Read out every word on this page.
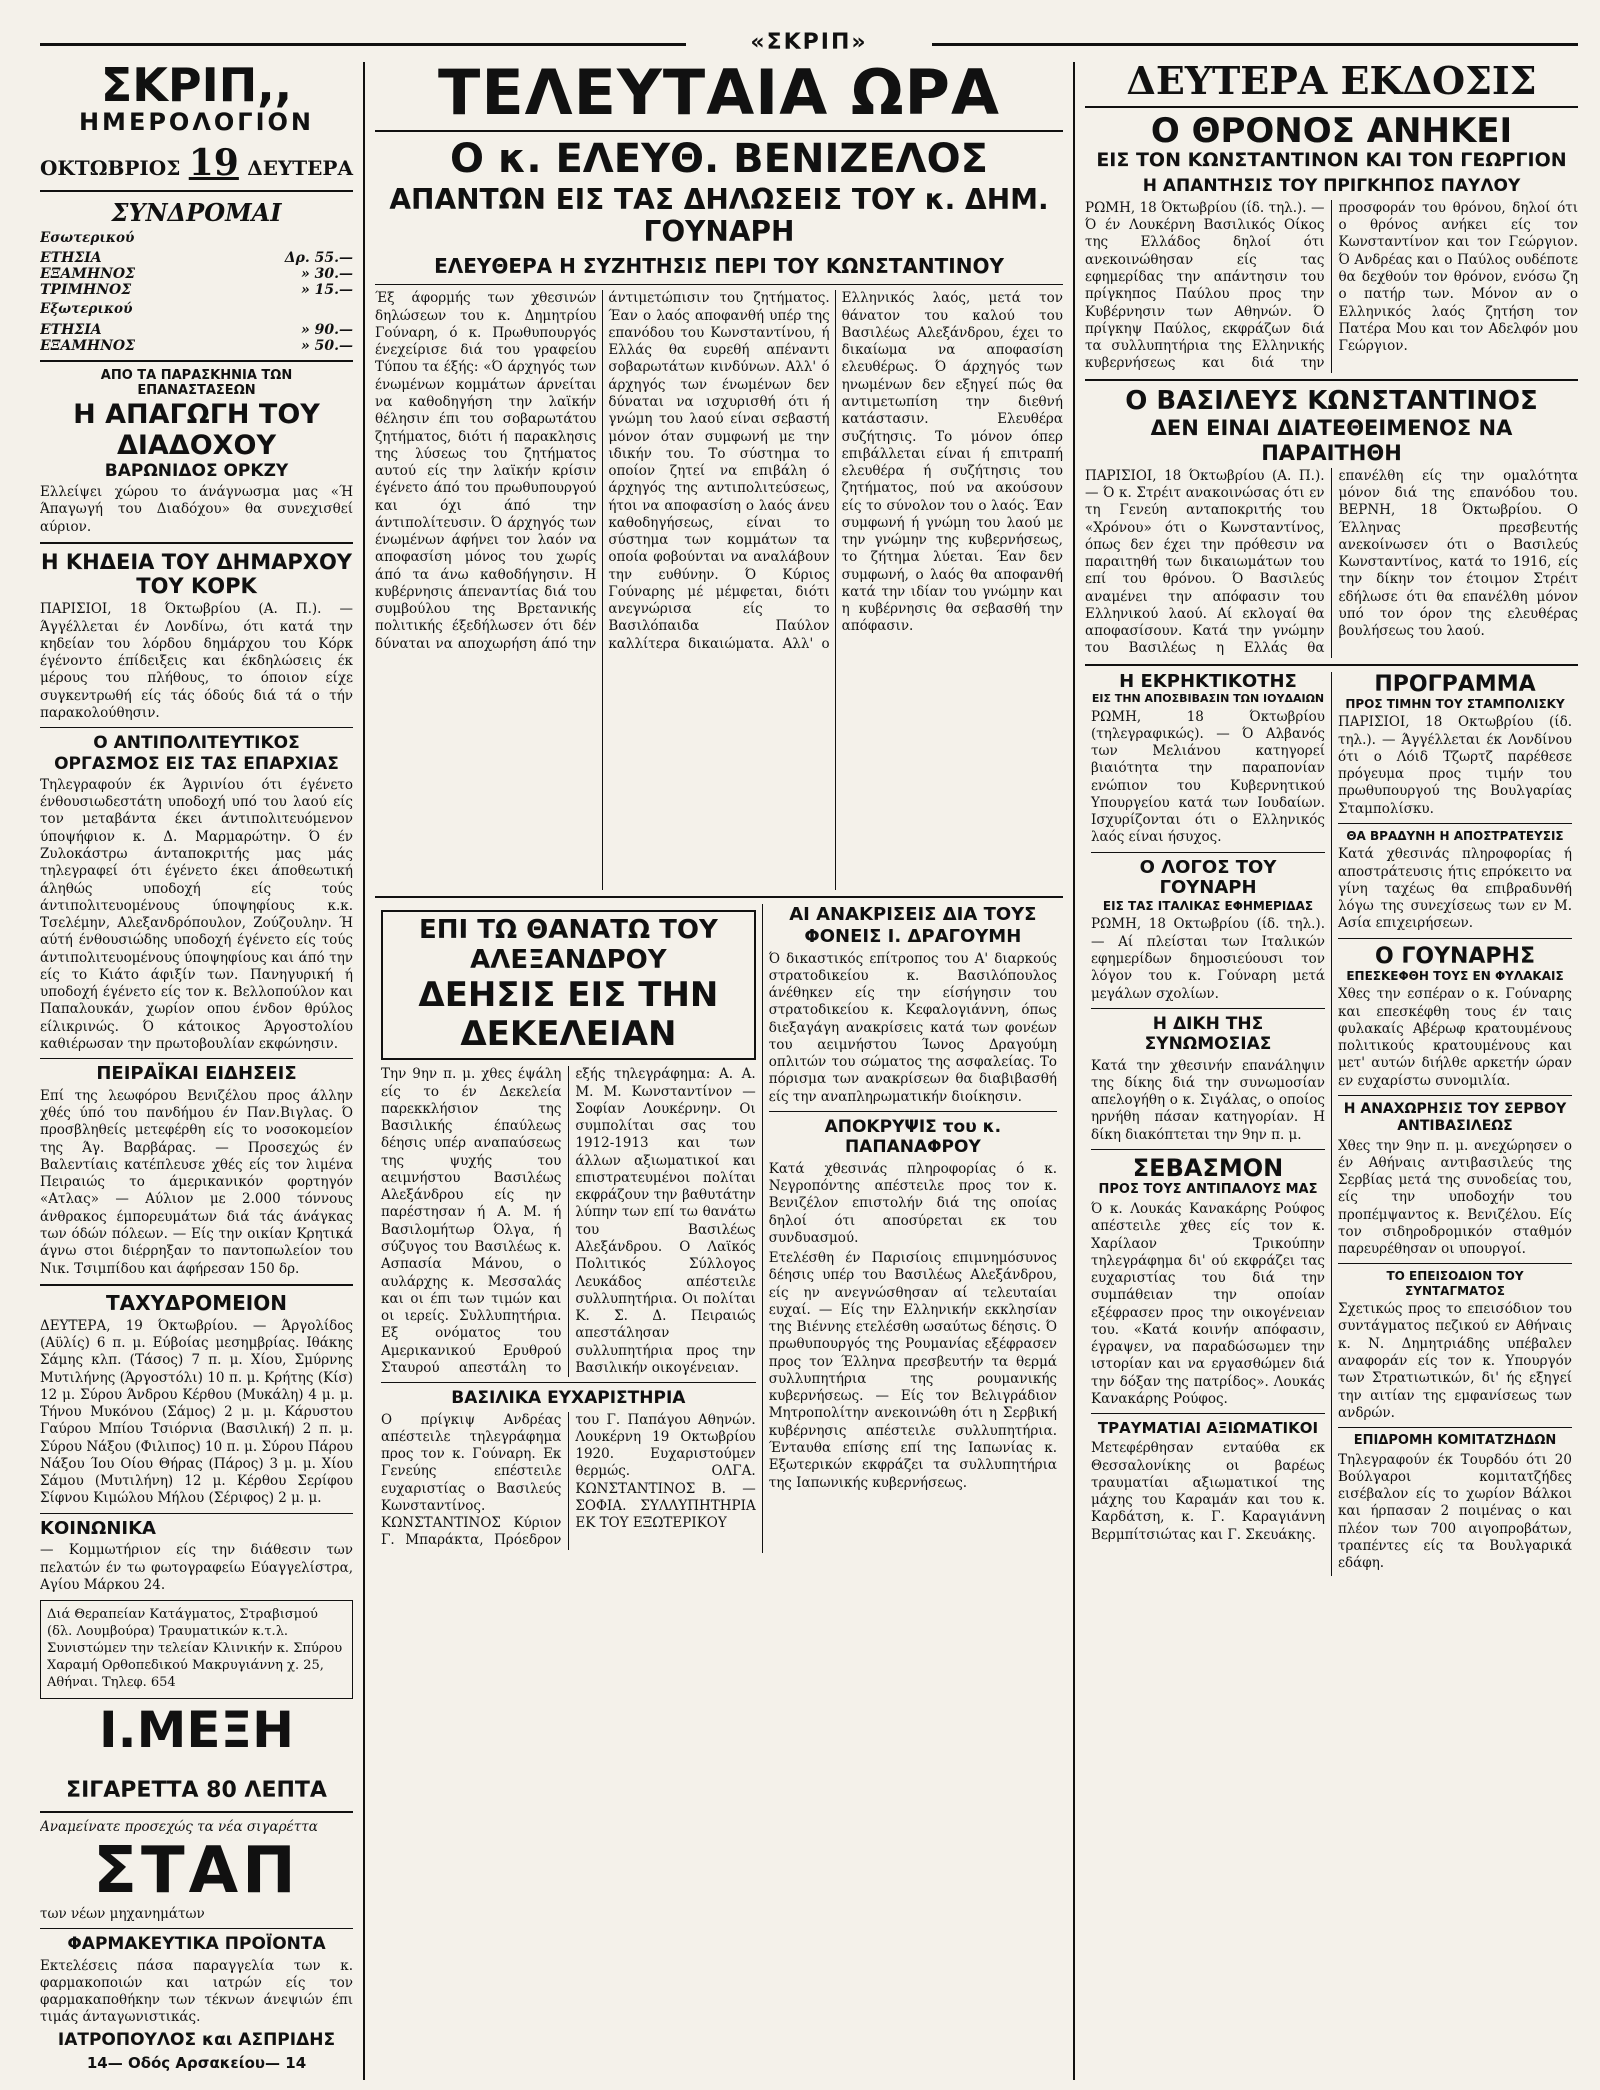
«ΣΚΡΙΠ»
ΣΚΡΙΠ,,
ΗΜΕΡΟΛΟΓΙΟΝ
ΟΚΤΩΒΡΙΟΣ 19 ΔΕΥΤΕΡΑ
ΣΥΝΔΡΟΜΑΙ
Εσωτερικού
ΕΤΗΣΙΑ	Δρ. 55.—
ΕΞΑΜΗΝΟΣ	» 30.—
ΤΡΙΜΗΝΟΣ	» 15.—
Εξωτερικού
ΕΤΗΣΙΑ	» 90.—
ΕΞΑΜΗΝΟΣ	» 50.—
ΑΠΟ ΤΑ ΠΑΡΑΣΚΗΝΙΑ ΤΩΝ ΕΠΑΝΑΣΤΑΣΕΩΝ
Η ΑΠΑΓΩΓΗ ΤΟΥ ΔΙΑΔΟΧΟΥ
ΒΑΡΩΝΙΔΟΣ ΟΡΚΖΥ
Ελλείψει χώρου το άνάγνωσμα μας «Ή Άπαγωγή του Διαδόχου» θα συνεχισθεί αύριον.
Η ΚΗΔΕΙΑ ΤΟΥ ΔΗΜΑΡΧΟΥ ΤΟΥ ΚΟΡΚ
ΠΑΡΙΣΙΟΙ, 18 Όκτωβρίου (Α. Π.). — Άγγέλλεται έν Λονδίνω, ότι κατά την κηδείαν του λόρδου δημάρχου του Κόρκ έγένοντο έπίδειξεις και έκδηλώσεις έκ μέρους του πλήθους, το όποιον είχε συγκεντρωθή είς τάς όδούς διά τά ο τήν παρακολούθησιν.
Ο ΑΝΤΙΠΟΛΙΤΕΥΤΙΚΟΣ ΟΡΓΑΣΜΟΣ ΕΙΣ ΤΑΣ ΕΠΑΡΧΙΑΣ
Τηλεγραφούν έκ Άγρινίου ότι έγένετο ένθουσιωδεστάτη υποδοχή υπό του λαού είς τον μεταβάντα έκει άντιπολιτευόμενον ύποψήφιον κ. Δ. Μαρμαρώτην. Ό έν Ζυλοκάστρω άνταποκριτής μας μάς τηλεγραφεί ότι έγένετο έκει άποθεωτική άληθώς υποδοχή είς τούς άντιπολιτευομένους ύποψηφίους κ.κ. Τσελέμην, Αλεξανδρόπουλον, Ζούζουλην. Ή αύτή ένθουσιώδης υποδοχή έγένετο είς τούς άντιπολιτευομένους ύποψηφίους και άπό την είς το Κιάτο άφιξίν των. Πανηγυρική ή υποδοχή έγένετο είς τον κ. Βελλοπούλον και Παπαλουκάν, χωρίον οπου ένδον θρύλος είλικρινώς. Ό κάτοικος Άργοστολίου καθιέρωσαν την πρωτοβουλίαν εκφώνησιν.
ΠΕΙΡΑΪΚΑΙ ΕΙΔΗΣΕΙΣ
Επί της λεωφόρου Βενιζέλου προς άλλην χθές ύπό του πανδήμου έν Παν.Βιγλας. Ό προσβληθείς μετεφέρθη είς το νοσοκομείον της Άγ. Βαρβάρας. — Προσεχώς έν Βαλεντίαις κατέπλευσε χθές είς τον λιμένα Πειραιώς το άμερικανικόν φορτηγόν «Ατλας» — Αύλιον με 2.000 τόννους άνθρακος έμπορευμάτων διά τάς άνάγκας των όδών πόλεων. — Είς την οικίαν Κρητικά άγνω στοι διέρρηξαν το παντοπωλείον του Νικ. Τσιμπίδου και άφήρεσαν 150 δρ.
ΤΑΧΥΔΡΟΜΕΙΟΝ
ΔΕΥΤΕΡΑ, 19 Όκτωβρίου. — Άργολίδος (Αϋλίς) 6 π. μ. Εύβοίας μεσημβρίας. Ιθάκης Σάμης κλπ. (Τάσος) 7 π. μ. Χίου, Σμύρνης Μυτιλήνης (Άργοστόλι) 10 π. μ. Κρήτης (Κίσ) 12 μ. Σύρου Άνδρου Κέρθου (Μυκάλη) 4 μ. μ. Τήνου Μυκόνου (Σάμος) 2 μ. μ. Κάρυστου Γαύρου Μπίου Τσιόρνια (Βασιλική) 2 π. μ. Σύρου Νάξου (Φιλιπος) 10 π. μ. Σύρου Πάρου Νάξου Ίου Οίου Θήρας (Πάρος) 3 μ. μ. Χίου Σάμου (Μυτιλήνη) 12 μ. Κέρθου Σερίφου Σίφνου Κιμώλου Μήλου (Σέριφος) 2 μ. μ.
ΚΟΙΝΩΝΙΚΑ
— Κομμωτήριον είς την διάθεσιν των πελατών έν τω φωτογραφείω Εύαγγελίστρα, Αγίου Μάρκου 24.
Διά Θεραπείαν Κατάγματος, Στραβισμού (δλ. Λουμβούρα) Τραυματικών κ.τ.λ. Συνιστώμεν την τελείαν Κλινικήν κ. Σπύρου Χαραμή Ορθοπεδικού Μακρυγιάννη χ. 25, Αθήναι. Τηλεφ. 654
Ι.ΜΕΞΗ ΣΙΓΑΡΕΤΤΑ 80 ΛΕΠΤΑ
Αναμείνατε προσεχώς τα νέα σιγαρέττα
ΣΤΑΠ
των νέων μηχανημάτων
ΦΑΡΜΑΚΕΥΤΙΚΑ ΠΡΟΪΟΝΤΑ
Εκτελέσεις πάσα παραγγελία των κ. φαρμακοποιών και ιατρών είς τον φαρμακαποθήκην των τέκνων άνεψιών έπι τιμάς άνταγωνιστικάς.
ΙΑΤΡΟΠΟΥΛΟΣ και ΑΣΠΡΙΔΗΣ
14— Οδός Αρσακείου— 14
ΤΕΛΕΥΤΑΙΑ ΩΡΑ
Ο κ. ΕΛΕΥΘ. ΒΕΝΙΖΕΛΟΣ
ΑΠΑΝΤΩΝ ΕΙΣ ΤΑΣ ΔΗΛΩΣΕΙΣ ΤΟΥ κ. ΔΗΜ. ΓΟΥΝΑΡΗ
ΕΛΕΥΘΕΡΑ Η ΣΥΖΗΤΗΣΙΣ ΠΕΡΙ ΤΟΥ ΚΩΝΣΤΑΝΤΙΝΟΥ
Έξ άφορμής των χθεσινών δηλώσεων του κ. Δημητρίου Γούναρη, ό κ. Πρωθυπουργός ένεχείρισε διά του γραφείου Τύπου τα έξής: «Ό άρχηγός των ένωμένων κομμάτων άρνείται να καθοδηγήση την λαϊκήν θέλησιν έπι του σοβαρωτάτου ζητήματος, διότι ή παρακλησις της λύσεως του ζητήματος αυτού είς την λαϊκήν κρίσιν έγένετο άπό του πρωθυπουργού και όχι άπό την άντιπολίτευσιν. Ό άρχηγός των ένωμένων άφήνει τον λαόν να αποφασίση μόνος του χωρίς άπό τα άνω καθοδήγησιν. Η κυβέρνησις άπεναντίας διά του συμβούλου της Βρετανικής πολιτικής έξεδήλωσεν ότι δέν δύναται να αποχωρήση άπό την άντιμετώπισιν του ζητήματος. Έαν ο λαός αποφανθή υπέρ της επανόδου του Κωνσταντίνου, ή Ελλάς θα ευρεθή απέναντι σοβαρωτάτων κινδύνων. Αλλ' ό άρχηγός των ένωμένων δεν δύναται να ισχυρισθή ότι ή γνώμη του λαού είναι σεβαστή μόνον όταν συμφωνή με την ιδικήν του. Το σύστημα το οποίον ζητεί να επιβάλη ό άρχηγός της αντιπολιτεύσεως, ήτοι να αποφασίση ο λαός άνευ καθοδηγήσεως, είναι το σύστημα των κομμάτων τα οποία φοβούνται να αναλάβουν την ευθύνην. Ό Κύριος Γούναρης μέ μέμφεται, διότι ανεγνώρισα είς το Βασιλόπαιδα Παύλον καλλίτερα δικαιώματα. Αλλ' ο Ελληνικός λαός, μετά τον θάνατον του καλού του Βασιλέως Αλεξάνδρου, έχει το δικαίωμα να αποφασίση ελευθέρως. Ό άρχηγός των ηνωμένων δεν εξηγεί πώς θα αντιμετωπίση την διεθνή κατάστασιν. Ελευθέρα συζήτησις. Το μόνον όπερ επιβάλλεται είναι ή επιτραπή ελευθέρα ή συζήτησις του ζητήματος, πού να ακούσουν είς το σύνολον του ο λαός. Έαν συμφωνή ή γνώμη του λαού με την γνώμην της κυβερνήσεως, το ζήτημα λύεται. Έαν δεν συμφωνή, ο λαός θα αποφανθή κατά την ιδίαν του γνώμην και η κυβέρνησις θα σεβασθή την απόφασιν.
ΕΠΙ ΤΩ ΘΑΝΑΤΩ ΤΟΥ ΑΛΕΞΑΝΔΡΟΥ
ΔΕΗΣΙΣ ΕΙΣ ΤΗΝ ΔΕΚΕΛΕΙΑΝ
Την 9ην π. μ. χθες έψάλη είς το έν Δεκελεία παρεκκλήσιον της Βασιλικής έπαύλεως δέησις υπέρ αναπαύσεως της ψυχής του αειμνήστου Βασιλέως Αλεξάνδρου είς ην παρέστησαν ή Α. Μ. ή Βασιλομήτωρ Όλγα, ή σύζυγος του Βασιλέως κ. Ασπασία Μάνου, ο αυλάρχης κ. Μεσσαλάς και οι έπι των τιμών και οι ιερείς. Συλλυπητήρια. Εξ ονόματος του Αμερικανικού Ερυθρού Σταυρού απεστάλη το εξής τηλεγράφημα: Α. Α. Μ. Μ. Κωνσταντίνον — Σοφίαν Λουκέρνην. Οι συμπολίται σας του 1912-1913 και των άλλων αξιωματικοί και επιστρατευμένοι πολίται εκφράζουν την βαθυτάτην λύπην των επί τω θανάτω του Βασιλέως Αλεξάνδρου. Ο Λαϊκός Πολιτικός Σύλλογος Λευκάδος απέστειλε συλλυπητήρια. Οι πολίται Κ. Σ. Δ. Πειραιώς απεστάλησαν συλλυπητήρια προς την Βασιλικήν οικογένειαν.
ΒΑΣΙΛΙΚΑ ΕΥΧΑΡΙΣΤΗΡΙΑ
Ο πρίγκιψ Ανδρέας απέστειλε τηλεγράφημα προς τον κ. Γούναρη. Εκ Γενεύης επέστειλε ευχαριστίας ο Βασιλεύς Κωνσταντίνος. ΚΩΝΣΤΑΝΤΙΝΟΣ Κύριον Γ. Μπαράκτα, Πρόεδρον του Γ. Παπάγου Αθηνών. Λουκέρνη 19 Οκτωβρίου 1920. Ευχαριστούμεν θερμώς. ΟΛΓΑ. ΚΩΝΣΤΑΝΤΙΝΟΣ Β. — ΣΟΦΙΑ. ΣΥΛΛΥΠΗΤΗΡΙΑ ΕΚ ΤΟΥ ΕΞΩΤΕΡΙΚΟΥ
ΑΙ ΑΝΑΚΡΙΣΕΙΣ ΔΙΑ ΤΟΥΣ ΦΟΝΕΙΣ Ι. ΔΡΑΓΟΥΜΗ
Ό δικαστικός επίτροπος του Α' διαρκούς στρατοδικείου κ. Βασιλόπουλος άνέθηκεν είς την είσήγησιν του στρατοδικείου κ. Κεφαλογιάννη, όπως διεξαγάγη ανακρίσεις κατά των φονέων του αειμνήστου Ίωνος Δραγούμη οπλιτών του σώματος της ασφαλείας. Το πόρισμα των ανακρίσεων θα διαβιβασθή είς την αναπληρωματικήν διοίκησιν.
ΑΠΟΚΡΥΨΙΣ του κ. ΠΑΠΑΝΑΦΡΟΥ
Κατά χθεσινάς πληροφορίας ό κ. Νεγροπόντης απέστειλε προς τον κ. Βενιζέλον επιστολήν διά της οποίας δηλοί ότι αποσύρεται εκ του συνδυασμού.
Ετελέσθη έν Παρισίοις επιμνημόσυνος δέησις υπέρ του Βασιλέως Αλεξάνδρου, είς ην ανεγνώσθησαν αί τελευταίαι ευχαί. — Είς την Ελληνικήν εκκλησίαν της Βιέννης ετελέσθη ωσαύτως δέησις. Ό πρωθυπουργός της Ρουμανίας εξέφρασεν προς τον Έλληνα πρεσβευτήν τα θερμά συλλυπητήρια της ρουμανικής κυβερνήσεως. — Είς τον Βελιγράδιον Μητροπολίτην ανεκοινώθη ότι η Σερβική κυβέρνησις απέστειλε συλλυπητήρια. Ένταυθα επίσης επί της Ιαπωνίας κ. Εξωτερικών εκφράζει τα συλλυπητήρια της Ιαπωνικής κυβερνήσεως.
ΔΕΥΤΕΡΑ ΕΚΔΟΣΙΣ
Ο ΘΡΟΝΟΣ ΑΝΗΚΕΙ
ΕΙΣ ΤΟΝ ΚΩΝΣΤΑΝΤΙΝΟΝ ΚΑΙ ΤΟΝ ΓΕΩΡΓΙΟΝ
Η ΑΠΑΝΤΗΣΙΣ ΤΟΥ ΠΡΙΓΚΗΠΟΣ ΠΑΥΛΟΥ
ΡΩΜΗ, 18 Όκτωβρίου (ίδ. τηλ.). — Ό έν Λουκέρνη Βασιλικός Οίκος της Ελλάδος δηλοί ότι ανεκοινώθησαν είς τας εφημερίδας την απάντησιν του πρίγκηπος Παύλου προς την Κυβέρνησιν των Αθηνών. Ό πρίγκηψ Παύλος, εκφράζων διά τα συλλυπητήρια της Ελληνικής κυβερνήσεως και διά την προσφοράν του θρόνου, δηλοί ότι ο θρόνος ανήκει είς τον Κωνσταντίνον και τον Γεώργιον. Ό Ανδρέας και ο Παύλος ουδέποτε θα δεχθούν τον θρόνον, ενόσω ζη ο πατήρ των. Μόνον αν ο Ελληνικός λαός ζητήση τον Πατέρα Μου και τον Αδελφόν μου Γεώργιον.
Ο ΒΑΣΙΛΕΥΣ ΚΩΝΣΤΑΝΤΙΝΟΣ
ΔΕΝ ΕΙΝΑΙ ΔΙΑΤΕΘΕΙΜΕΝΟΣ ΝΑ ΠΑΡΑΙΤΗΘΗ
ΠΑΡΙΣΙΟΙ, 18 Όκτωβρίου (Α. Π.). — Ό κ. Στρέιτ ανακοινώσας ότι εν τη Γενεύη ανταποκριτής του «Χρόνου» ότι ο Κωνσταντίνος, όπως δεν έχει την πρόθεσιν να παραιτηθή των δικαιωμάτων του επί του θρόνου. Ό Βασιλεύς αναμένει την απόφασιν του Ελληνικού λαού. Αί εκλογαί θα αποφασίσουν. Κατά την γνώμην του Βασιλέως η Ελλάς θα επανέλθη είς την ομαλότητα μόνον διά της επανόδου του. ΒΕΡΝΗ, 18 Όκτωβρίου. Ο Έλληνας πρεσβευτής ανεκοίνωσεν ότι ο Βασιλεύς Κωνσταντίνος, κατά το 1916, είς την δίκην τον έτοιμον Στρέιτ εδήλωσε ότι θα επανέλθη μόνον υπό τον όρον της ελευθέρας βουλήσεως του λαού.
Η ΕΚΡΗΚΤΙΚΟΤΗΣ
ΕΙΣ ΤΗΝ ΑΠΟΣΒΙΒΑΣΙΝ ΤΩΝ ΙΟΥΔΑΙΩΝ
ΡΩΜΗ, 18 Όκτωβρίου (τηλεγραφικώς). — Ό Αλβανός των Μελιάνου κατηγορεί βιαιότητα την παραπονίαν ενώπιον του Κυβερνητικού Υπουργείου κατά των Ιουδαίων. Ισχυρίζονται ότι ο Ελληνικός λαός είναι ήσυχος.
Ο ΛΟΓΟΣ ΤΟΥ ΓΟΥΝΑΡΗ
ΕΙΣ ΤΑΣ ΙΤΑΛΙΚΑΣ ΕΦΗΜΕΡΙΔΑΣ
ΡΩΜΗ, 18 Οκτωβρίου (ίδ. τηλ.). — Αί πλείσται των Ιταλικών εφημερίδων δημοσιεύουσι τον λόγον του κ. Γούναρη μετά μεγάλων σχολίων.
Η ΔΙΚΗ ΤΗΣ ΣΥΝΩΜΟΣΙΑΣ
Κατά την χθεσινήν επανάληψιν της δίκης διά την συνωμοσίαν απελογήθη ο κ. Σιγάλας, ο οποίος ηρνήθη πάσαν κατηγορίαν. Η δίκη διακόπτεται την 9ην π. μ.
ΣΕΒΑΣΜΟΝ
ΠΡΟΣ ΤΟΥΣ ΑΝΤΙΠΑΛΟΥΣ ΜΑΣ
Ό κ. Λουκάς Κανακάρης Ρούφος απέστειλε χθες είς τον κ. Χαρίλαον Τρικούπην τηλεγράφημα δι' ού εκφράζει τας ευχαριστίας του διά την συμπάθειαν την οποίαν εξέφρασεν προς την οικογένειαν του. «Κατά κοινήν απόφασιν, έγραψεν, να παραδώσωμεν την ιστορίαν και να εργασθώμεν διά την δόξαν της πατρίδος». Λουκάς Κανακάρης Ρούφος.
ΤΡΑΥΜΑΤΙΑΙ ΑΞΙΩΜΑΤΙΚΟΙ
Μετεφέρθησαν ενταύθα εκ Θεσσαλονίκης οι βαρέως τραυματίαι αξιωματικοί της μάχης του Καραμάν και του κ. Καρδάτση, κ. Γ. Καραγιάννη Βερμπίτσιώτας και Γ. Σκευάκης.
ΠΡΟΓΡΑΜΜΑ
ΠΡΟΣ ΤΙΜΗΝ ΤΟΥ ΣΤΑΜΠΟΛΙΣΚΥ
ΠΑΡΙΣΙΟΙ, 18 Οκτωβρίου (ίδ. τηλ.). — Άγγέλλεται έκ Λονδίνου ότι ο Λόιδ Τζωρτζ παρέθεσε πρόγευμα προς τιμήν του πρωθυπουργού της Βουλγαρίας Σταμπολίσκυ.
ΘΑ ΒΡΑΔΥΝΗ Η ΑΠΟΣΤΡΑΤΕΥΣΙΣ
Κατά χθεσινάς πληροφορίας ή αποστράτευσις ήτις επρόκειτο να γίνη ταχέως θα επιβραδυνθή λόγω της συνεχίσεως των εν Μ. Ασία επιχειρήσεων.
Ο ΓΟΥΝΑΡΗΣ
ΕΠΕΣΚΕΦΘΗ ΤΟΥΣ ΕΝ ΦΥΛΑΚΑΙΣ
Χθες την εσπέραν ο κ. Γούναρης και επεσκέφθη τους έν ταις φυλακαίς Αβέρωφ κρατουμένους πολιτικούς κρατουμένους και μετ' αυτών διήλθε αρκετήν ώραν εν ευχαρίστω συνομιλία.
Η ΑΝΑΧΩΡΗΣΙΣ ΤΟΥ ΣΕΡΒΟΥ ΑΝΤΙΒΑΣΙΛΕΩΣ
Χθες την 9ην π. μ. ανεχώρησεν ο έν Αθήναις αντιβασιλεύς της Σερβίας μετά της συνοδείας του, είς την υποδοχήν του προπέμψαντος κ. Βενιζέλου. Είς τον σιδηροδρομικόν σταθμόν παρευρέθησαν οι υπουργοί.
ΤΟ ΕΠΕΙΣΟΔΙΟΝ ΤΟΥ ΣΥΝΤΑΓΜΑΤΟΣ
Σχετικώς προς το επεισόδιον του συντάγματος πεζικού εν Αθήναις κ. Ν. Δημητριάδης υπέβαλεν αναφοράν είς τον κ. Υπουργόν των Στρατιωτικών, δι' ής εξηγεί την αιτίαν της εμφανίσεως των ανδρών.
ΕΠΙΔΡΟΜΗ ΚΟΜΙΤΑΤΖΗΔΩΝ
Τηλεγραφούν έκ Τουρδόυ ότι 20 Βούλγαροι κομιτατζήδες εισέβαλον είς το χωρίον Βάλκοι και ήρπασαν 2 ποιμένας ο και πλέον των 700 αιγοπροβάτων, τραπέντες είς τα Βουλγαρικά εδάφη.
